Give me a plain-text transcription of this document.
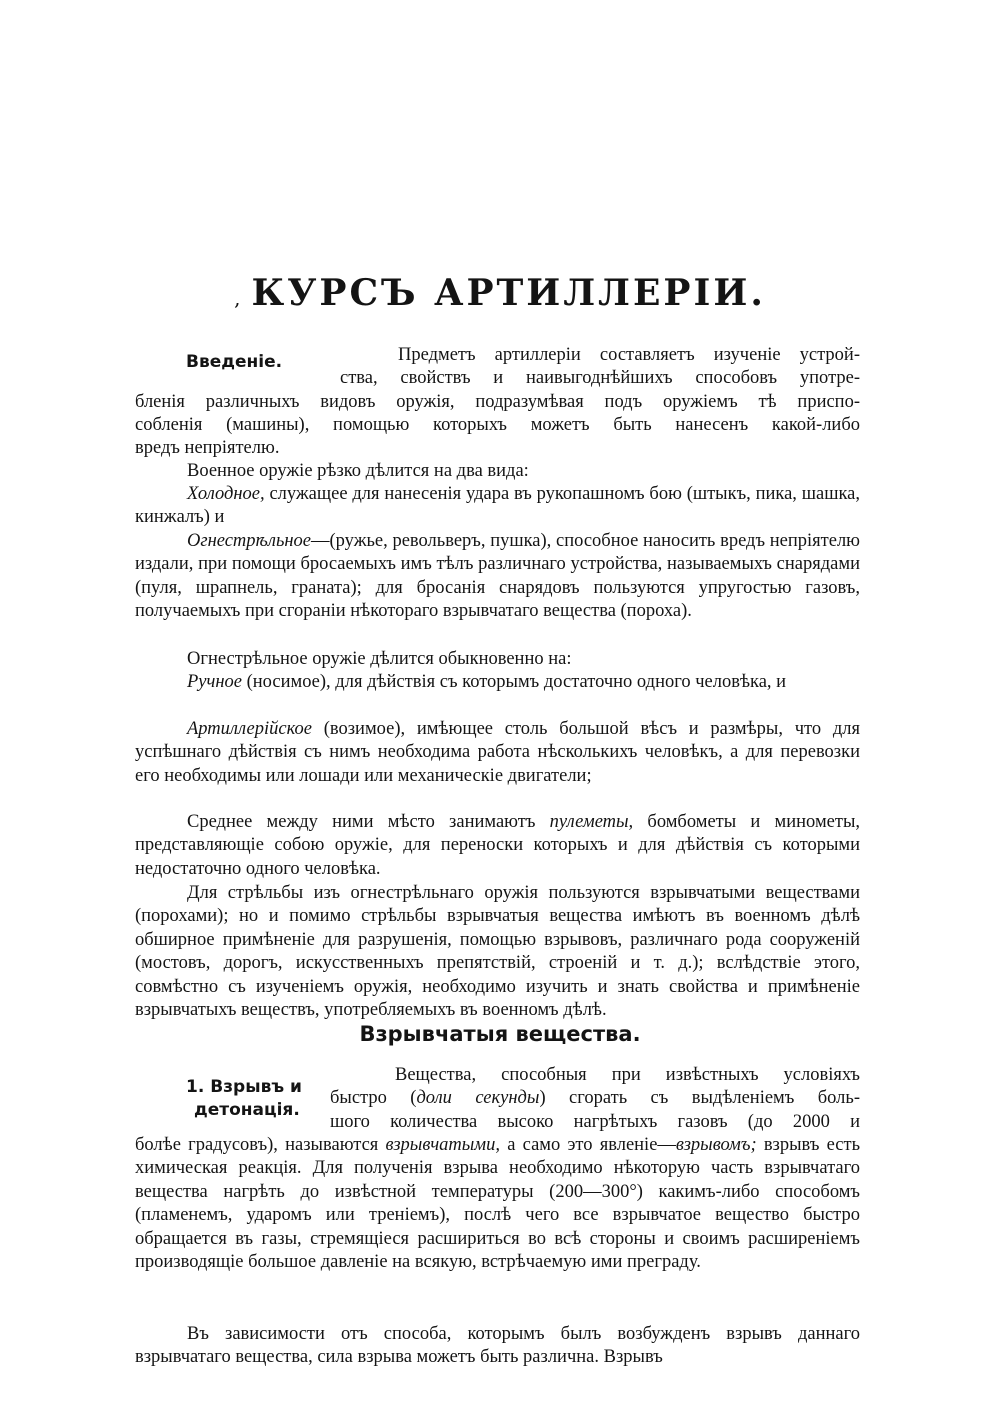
, КУРСЪ АРТИЛЛЕРІИ.
Введеніе.	Предметъ артиллеріи составляетъ изученіе устрой-
ства, свойствъ и наивыгоднѣйшихъ способовъ употре-
бленія различныхъ видовъ оружія, подразумѣвая подъ оружіемъ тѣ приспо-
собленія (машины), помощью которыхъ можетъ быть нанесенъ какой-либо
вредъ непріятелю.
Военное оружіе рѣзко дѣлится на два вида:
Холодное, служащее для нанесенія удара въ рукопашномъ бою (штыкъ, пика, шашка, кинжалъ) и
Огнестрѣльное—(ружье, револьверъ, пушка), способное наносить вредъ непріятелю издали, при помощи бросаемыхъ имъ тѣлъ различнаго устройства, называемыхъ снарядами (пуля, шрапнель, граната); для бросанія снарядовъ пользуются упругостью газовъ, получаемыхъ при сгораніи нѣкотораго взрывчатаго вещества (пороха).
Огнестрѣльное оружіе дѣлится обыкновенно на:
Ручное (носимое), для дѣйствія съ которымъ достаточно одного человѣка, и
Артиллерійское (возимое), имѣющее столь большой вѣсъ и размѣры, что для успѣшнаго дѣйствія съ нимъ необходима работа нѣсколькихъ человѣкъ, а для перевозки его необходимы или лошади или механическіе двигатели;
Среднее между ними мѣсто занимаютъ пулеметы, бомбометы и минометы, представляющіе собою оружіе, для переноски которыхъ и для дѣйствія съ которыми недостаточно одного человѣка.
Для стрѣльбы изъ огнестрѣльнаго оружія пользуются взрывчатыми веществами (порохами); но и помимо стрѣльбы взрывчатыя вещества имѣютъ въ военномъ дѣлѣ обширное примѣненіе для разрушенія, помощью взрывовъ, различнаго рода сооруженій (мостовъ, дорогъ, искусственныхъ препятствій, строеній и т. д.); вслѣдствіе этого, совмѣстно съ изученіемъ оружія, необходимо изучить и знать свойства и примѣненіе взрывчатыхъ веществъ, употребляемыхъ въ военномъ дѣлѣ.
Взрывчатыя вещества.
1. Взрывъ и
детонація.
Вещества, способныя при извѣстныхъ условіяхъ
быстро (доли секунды) сгорать съ выдѣленіемъ боль-
шого количества высоко нагрѣтыхъ газовъ (до 2000 и
болѣе градусовъ), называются взрывчатыми, а само это явленіе—взрывомъ; взрывъ есть химическая реакція. Для полученія взрыва необходимо нѣкоторую часть взрывчатаго вещества нагрѣть до извѣстной температуры (200—300°) какимъ-либо способомъ (пламенемъ, ударомъ или треніемъ), послѣ чего все взрывчатое вещество быстро обращается въ газы, стремящіеся расшириться во всѣ стороны и своимъ расширеніемъ производящіе большое давленіе на всякую, встрѣчаемую ими преграду.
Въ зависимости отъ способа, которымъ былъ возбужденъ взрывъ даннаго взрывчатаго вещества, сила взрыва можетъ быть различна. Взрывъ
